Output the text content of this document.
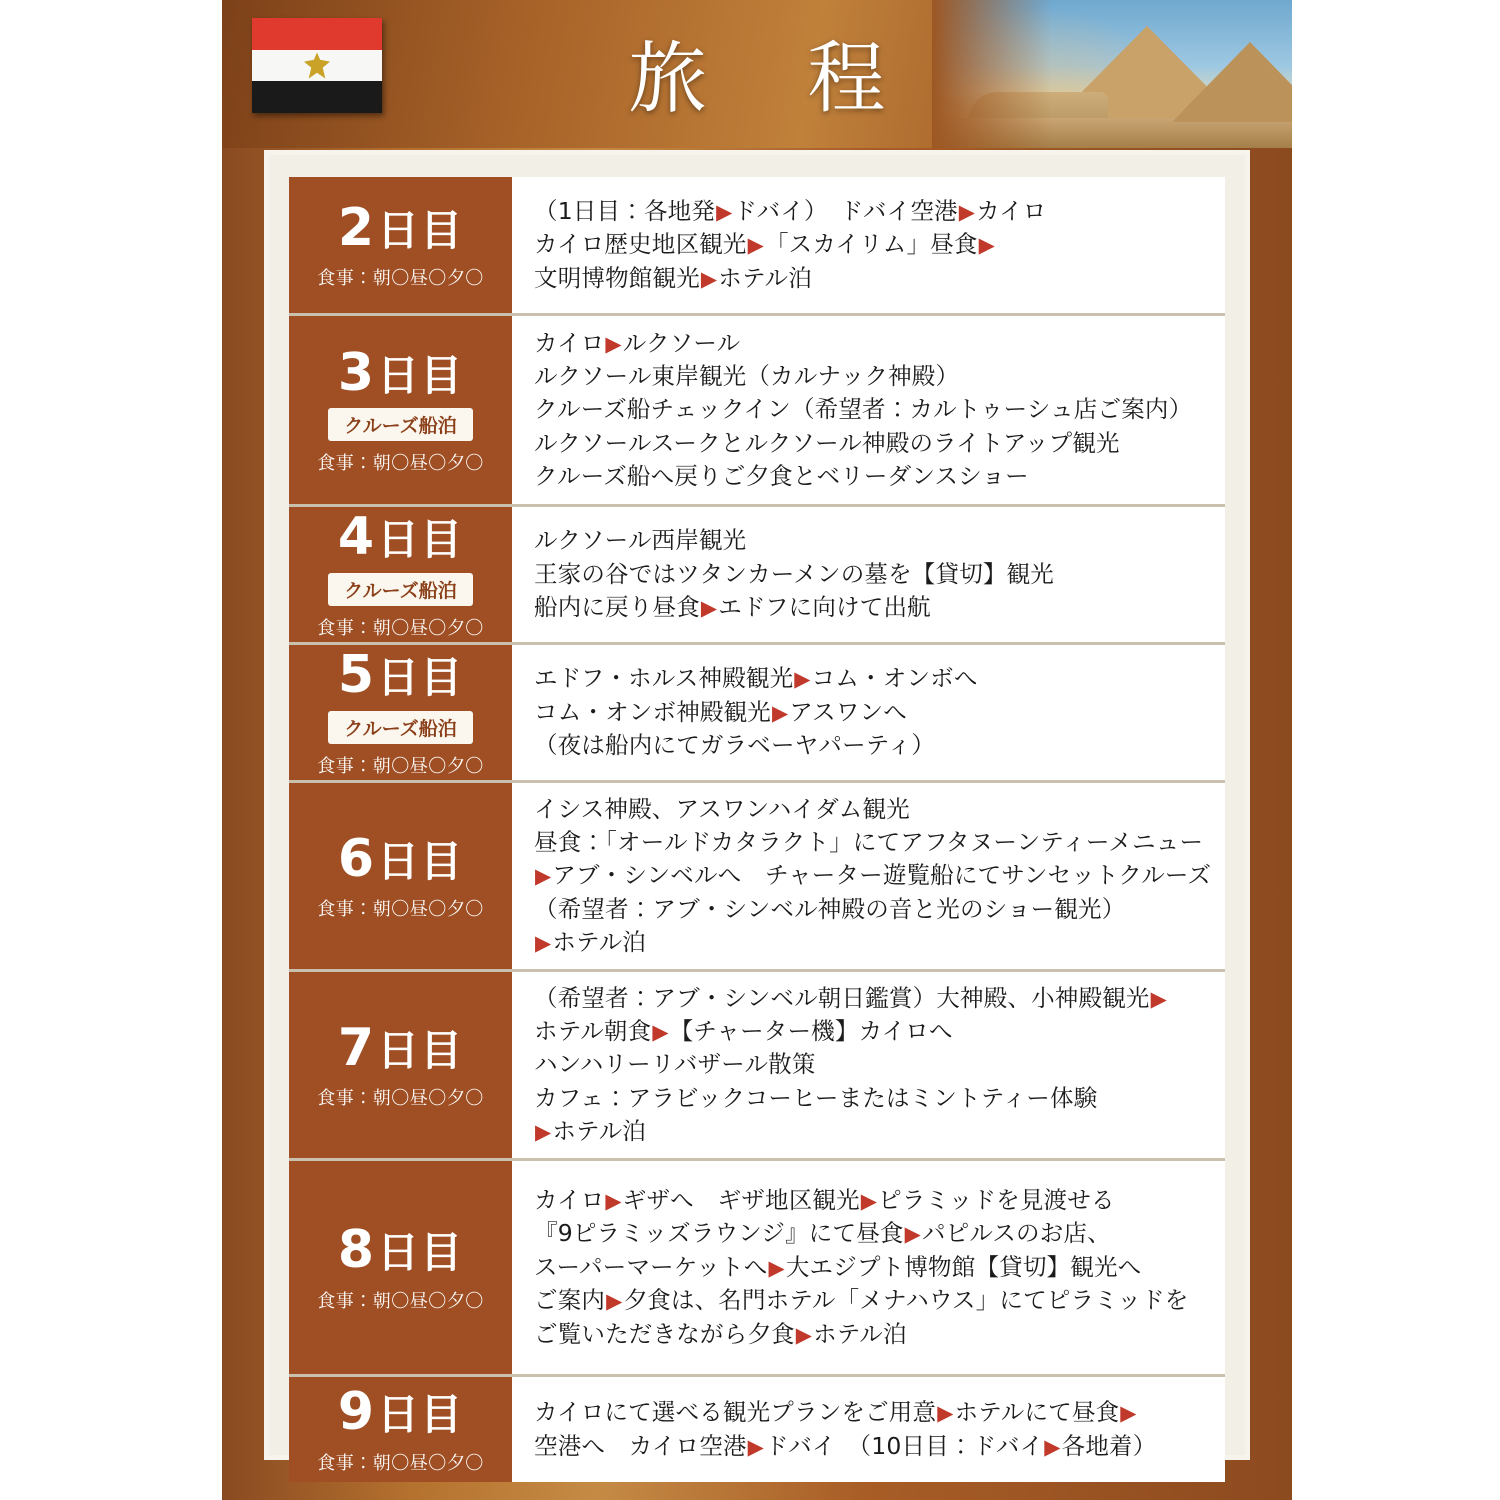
旅 程
2日目
食事：朝〇昼〇夕〇
（1日目：各地発▶ドバイ）　ドバイ空港▶カイロ
カイロ歴史地区観光▶「スカイリム」昼食▶
文明博物館観光▶ホテル泊
3日目
クルーズ船泊
食事：朝〇昼〇夕〇
カイロ▶ルクソール
ルクソール東岸観光（カルナック神殿）
クルーズ船チェックイン（希望者：カルトゥーシュ店ご案内）
ルクソールスークとルクソール神殿のライトアップ観光
クルーズ船へ戻りご夕食とベリーダンスショー
4日目
クルーズ船泊
食事：朝〇昼〇夕〇
ルクソール西岸観光
王家の谷ではツタンカーメンの墓を【貸切】観光
船内に戻り昼食▶エドフに向けて出航
5日目
クルーズ船泊
食事：朝〇昼〇夕〇
エドフ・ホルス神殿観光▶コム・オンボへ
コム・オンボ神殿観光▶アスワンへ
（夜は船内にてガラベーヤパーティ）
6日目
食事：朝〇昼〇夕〇
イシス神殿、アスワンハイダム観光
昼食：「オールドカタラクト」にてアフタヌーンティーメニュー
▶アブ・シンベルへ　チャーター遊覧船にてサンセットクルーズ
（希望者：アブ・シンベル神殿の音と光のショー観光）
▶ホテル泊
7日目
食事：朝〇昼〇夕〇
（希望者：アブ・シンベル朝日鑑賞）大神殿、小神殿観光▶
ホテル朝食▶【チャーター機】カイロへ
ハンハリーリバザール散策
カフェ：アラビックコーヒーまたはミントティー体験
▶ホテル泊
8日目
食事：朝〇昼〇夕〇
カイロ▶ギザへ　ギザ地区観光▶ピラミッドを見渡せる
『9ピラミッズラウンジ』にて昼食▶パピルスのお店、
スーパーマーケットへ▶大エジプト博物館【貸切】観光へ
ご案内▶夕食は、名門ホテル「メナハウス」にてピラミッドを
ご覧いただきながら夕食▶ホテル泊
9日目
食事：朝〇昼〇夕〇
カイロにて選べる観光プランをご用意▶ホテルにて昼食▶
空港へ　カイロ空港▶ドバイ　（10日目：ドバイ▶各地着）
